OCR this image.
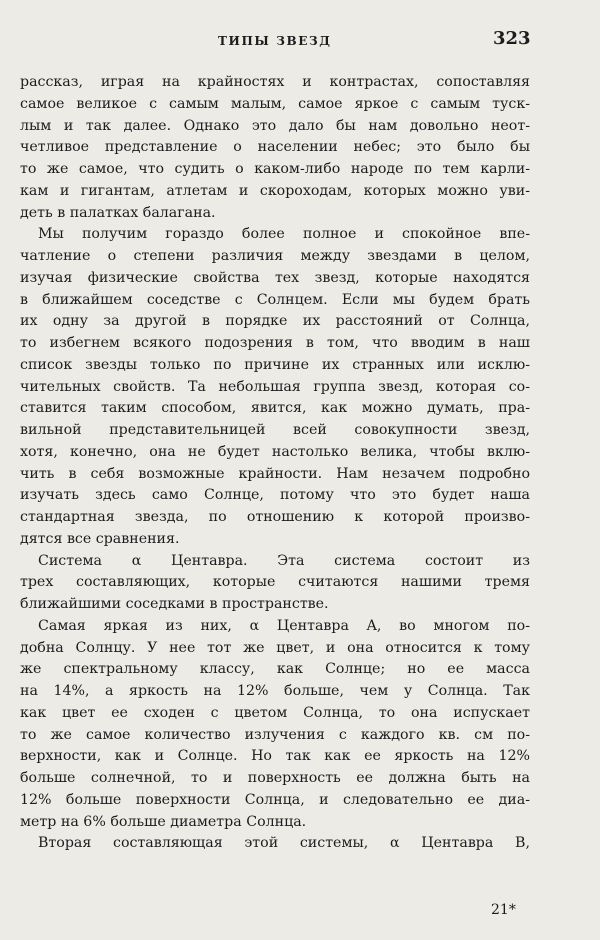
ТИПЫ ЗВЕЗД	323
рассказ, играя на крайностях и контрастах, сопоставляя
самое великое с самым малым, самое яркое с самым туск-
лым и так далее. Однако это дало бы нам довольно неот-
четливое представление о населении небес; это было бы
то же самое, что судить о каком-либо народе по тем карли-
кам и гигантам, атлетам и скороходам, которых можно уви-
деть в палатках балагана.
Мы получим гораздо более полное и спокойное впе-
чатление о степени различия между звездами в целом,
изучая физические свойства тех звезд, которые находятся
в ближайшем соседстве с Солнцем. Если мы будем брать
их одну за другой в порядке их расстояний от Солнца,
то избегнем всякого подозрения в том, что вводим в наш
список звезды только по причине их странных или исклю-
чительных свойств. Та небольшая группа звезд, которая со-
ставится таким способом, явится, как можно думать, пра-
вильной представительницей всей совокупности звезд,
хотя, конечно, она не будет настолько велика, чтобы вклю-
чить в себя возможные крайности. Нам незачем подробно
изучать здесь само Солнце, потому что это будет наша
стандартная звезда, по отношению к которой произво-
дятся все сравнения.
Система α Центавра. Эта система состоит из
трех составляющих, которые считаются нашими тремя
ближайшими соседками в пространстве.
Самая яркая из них, α Центавра A, во многом по-
добна Солнцу. У нее тот же цвет, и она относится к тому
же спектральному классу, как Солнце; но ее масса
на 14%, а яркость на 12% больше, чем у Солнца. Так
как цвет ее сходен с цветом Солнца, то она испускает
то же самое количество излучения с каждого кв. см по-
верхности, как и Солнце. Но так как ее яркость на 12%
больше солнечной, то и поверхность ее должна быть на
12% больше поверхности Солнца, и следовательно ее диа-
метр на 6% больше диаметра Солнца.
Вторая составляющая этой системы, α Центавра B,
21*
